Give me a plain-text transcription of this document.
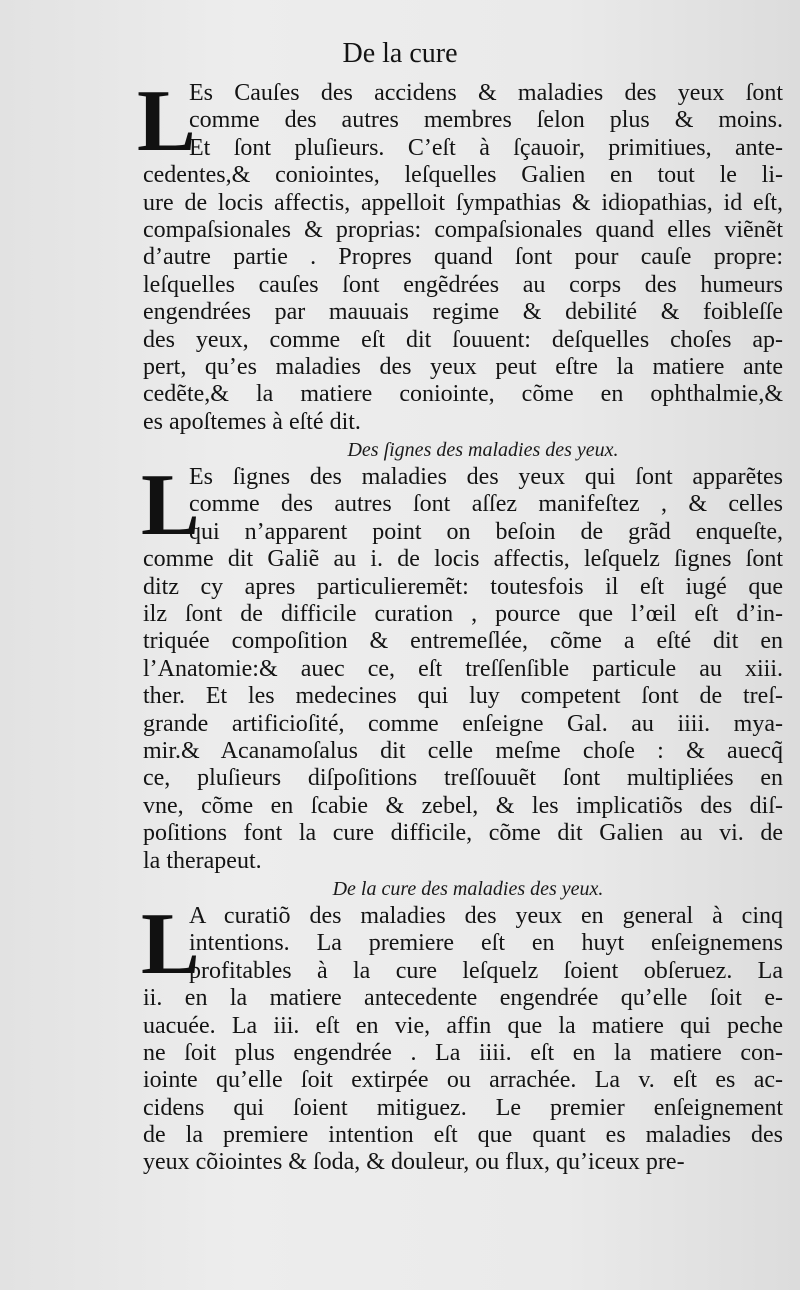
De la cure
L
Es Cauſes des accidens & maladies des yeux ſont
comme des autres membres ſelon plus & moins.
Et ſont pluſieurs. C’eſt à ſçauoir, primitiues, ante-
cedentes,& coniointes, leſquelles Galien en tout le li-
ure de locis affectis, appelloit ſympathias & idiopathias, id eſt,
compaſsionales & proprias: compaſsionales quand elles viẽnẽt
d’autre partie . Propres quand ſont pour cauſe propre:
leſquelles cauſes ſont engẽdrées au corps des humeurs
engendrées par mauuais regime & debilité & foibleſſe
des yeux, comme eſt dit ſouuent: deſquelles choſes ap-
pert, qu’es maladies des yeux peut eſtre la matiere ante
cedẽte,& la matiere coniointe, cõme en ophthalmie,&
es apoſtemes à eſté dit.
Des ſignes des maladies des yeux.
L
Es ſignes des maladies des yeux qui ſont apparẽtes
comme des autres ſont aſſez manifeſtez , & celles
qui n’apparent point on beſoin de grãd enqueſte,
comme dit Galiẽ au i. de locis affectis, leſquelz ſignes ſont
ditz cy apres particulieremẽt: toutesfois il eſt iugé que
ilz ſont de difficile curation , pource que l’œil eſt d’in-
triquée compoſition & entremeſlée, cõme a eſté dit en
l’Anatomie:& auec ce, eſt treſſenſible particule au xiii.
ther. Et les medecines qui luy competent ſont de treſ-
grande artificioſité, comme enſeigne Gal. au iiii. mya-
mir.& Acanamoſalus dit celle meſme choſe : & auecq̃
ce, pluſieurs diſpoſitions treſſouuẽt ſont multipliées en
vne, cõme en ſcabie & zebel, & les implicatiõs des diſ-
poſitions font la cure difficile, cõme dit Galien au vi. de
la therapeut.
De la cure des maladies des yeux.
L
A curatiõ des maladies des yeux en general à cinq
intentions. La premiere eſt en huyt enſeignemens
profitables à la cure leſquelz ſoient obſeruez. La
ii. en la matiere antecedente engendrée qu’elle ſoit e-
uacuée. La iii. eſt en vie, affin que la matiere qui peche
ne ſoit plus engendrée . La iiii. eſt en la matiere con-
iointe qu’elle ſoit extirpée ou arrachée. La v. eſt es ac-
cidens qui ſoient mitiguez. Le premier enſeignement
de la premiere intention eſt que quant es maladies des
yeux cõiointes & ſoda, & douleur, ou flux, qu’iceux pre-
